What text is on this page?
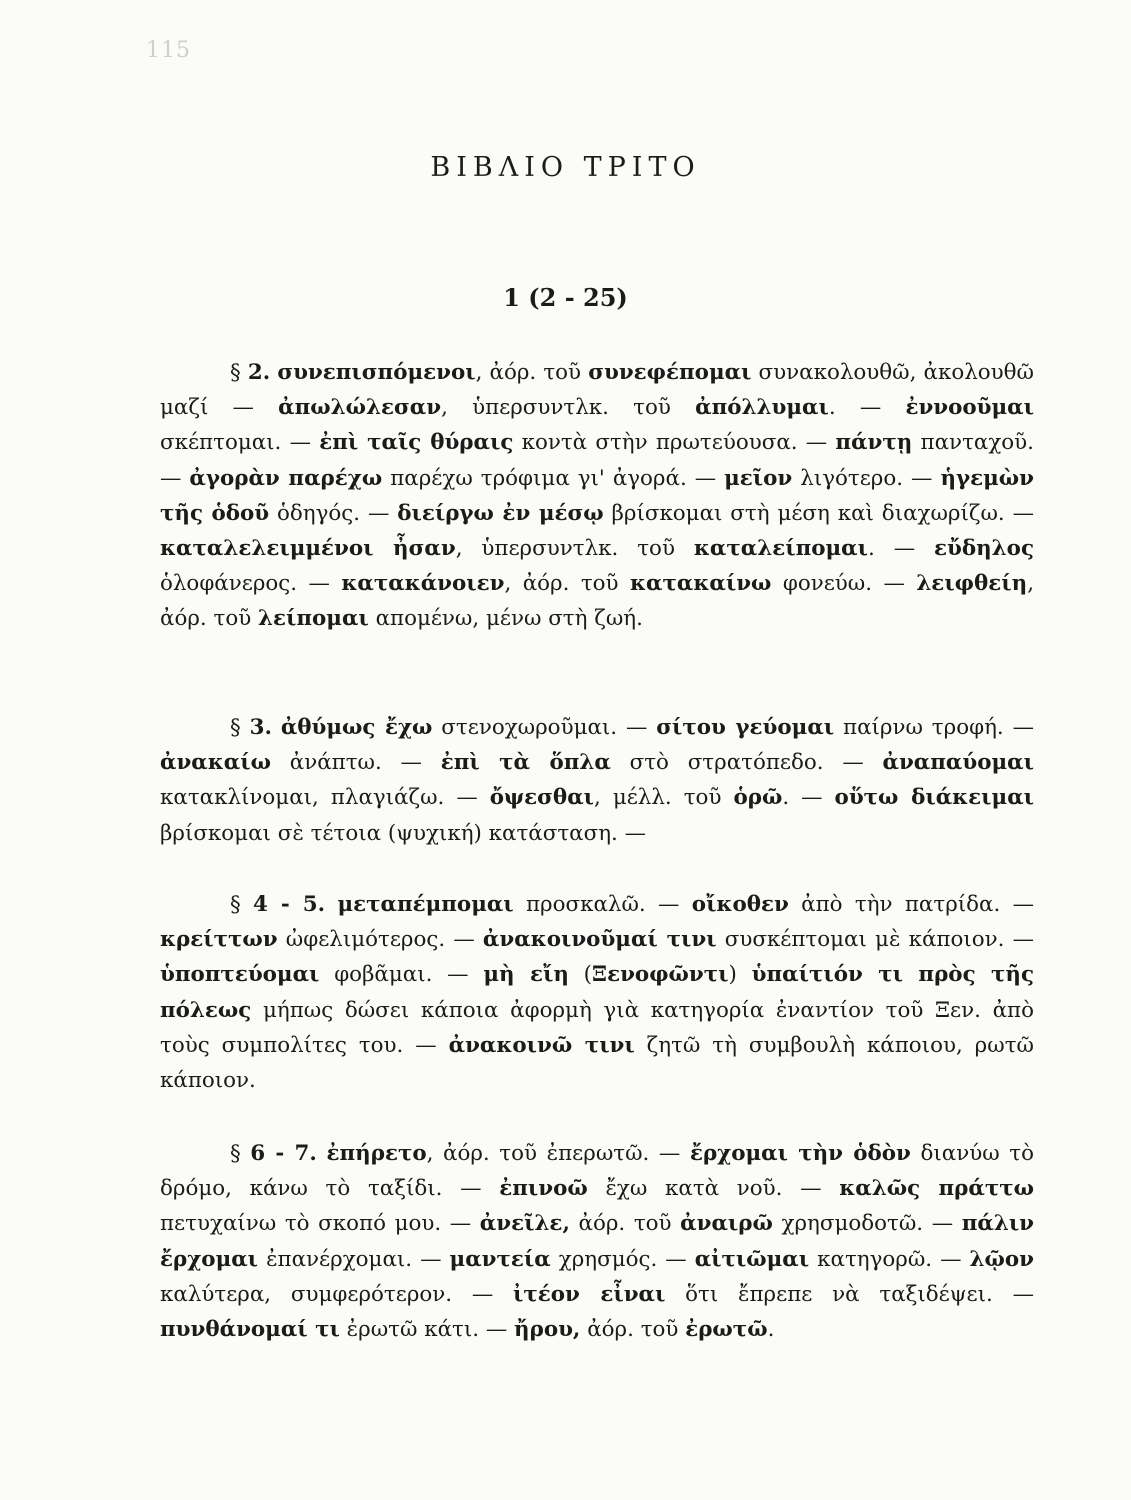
115
ΒΙΒΛΙΟ ΤΡΙΤΟ
1 (2 - 25)

§ 2. συνεπισπόμενοι, ἀόρ. τοῦ συνεφέπομαι συνακολουθῶ, ἀκολουθῶ μαζί — ἀπωλώλεσαν, ὑπερσυντλκ. τοῦ ἀπόλλυμαι. — ἐννοοῦμαι σκέπτομαι. — ἐπὶ ταῖς θύραις κοντὰ στὴν πρωτεύουσα. — πάντῃ πανταχοῦ. — ἀγορὰν παρέχω παρέχω τρόφιμα γι' ἀγορά. — μεῖον λιγότερο. — ἡγεμὼν τῆς ὁδοῦ ὁδηγός. — διείργω ἐν μέσῳ βρίσκομαι στὴ μέση καὶ διαχωρίζω. — καταλελειμμένοι ἦσαν, ὑπερσυντλκ. τοῦ καταλείπομαι. — εὔδηλος ὁλοφάνερος. — κατακάνοιεν, ἀόρ. τοῦ κατακαίνω φονεύω. — λειφθείη, ἀόρ. τοῦ λείπομαι απομένω, μένω στὴ ζωή.

§ 3. ἀθύμως ἔχω στενοχωροῦμαι. — σίτου γεύομαι παίρνω τροφή. — ἀνακαίω ἀνάπτω. — ἐπὶ τὰ ὅπλα στὸ στρατόπεδο. — ἀναπαύομαι κατακλίνομαι, πλαγιάζω. — ὄψεσθαι, μέλλ. τοῦ ὁρῶ. — οὕτω διάκειμαι βρίσκομαι σὲ τέτοια (ψυχική) κατάσταση. —

§ 4 - 5. μεταπέμπομαι προσκαλῶ. — οἴκοθεν ἀπὸ τὴν πατρίδα. — κρείττων ὠφελιμότερος. — ἀνακοινοῦμαί τινι συσκέπτομαι μὲ κάποιον. — ὑποπτεύομαι φοβᾶμαι. — μὴ εἴη (Ξενοφῶντι) ὑπαίτιόν τι πρὸς τῆς πόλεως μήπως δώσει κάποια ἀφορμὴ γιὰ κατηγορία ἐναντίον τοῦ Ξεν. ἀπὸ τοὺς συμπολίτες του. — ἀνακοινῶ τινι ζητῶ τὴ συμβουλὴ κάποιου, ρωτῶ κάποιον.

§ 6 - 7. ἐπήρετο, ἀόρ. τοῦ ἐπερωτῶ. — ἔρχομαι τὴν ὁδὸν διανύω τὸ δρόμο, κάνω τὸ ταξίδι. — ἐπινοῶ ἔχω κατὰ νοῦ. — καλῶς πράττω πετυχαίνω τὸ σκοπό μου. — ἀνεῖλε, ἀόρ. τοῦ ἀναιρῶ χρησμοδοτῶ. — πάλιν ἔρχομαι ἐπανέρχομαι. — μαντεία χρησμός. — αἰτιῶμαι κατηγορῶ. — λῷον καλύτερα, συμφερότερον. — ἰτέον εἶναι ὅτι ἔπρεπε νὰ ταξιδέψει. — πυνθάνομαί τι ἐρωτῶ κάτι. — ἤρου, ἀόρ. τοῦ ἐρωτῶ.
